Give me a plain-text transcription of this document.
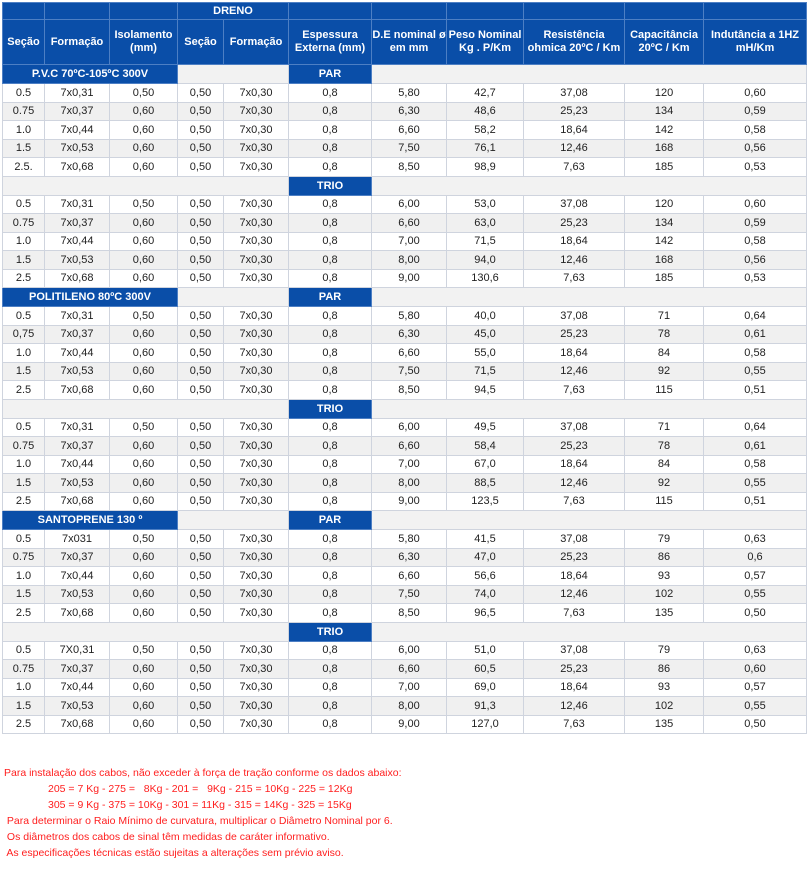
			DRENO							
Seção	Formação	Isolamento (mm)	Seção	Formação	Espessura Externa (mm)	D.E nominal ø em mm	Peso Nominal Kg . P/Km	Resistência ohmica 20ºC / Km	Capacitância 20ºC / Km	Indutância a 1HZ mH/Km
P.V.C 70ºC-105ºC 300V					PAR					
0.5	7x0,31	0,50	0,50	7x0,30	0,8	5,80	42,7	37,08	120	0,60
0.75	7x0,37	0,60	0,50	7x0,30	0,8	6,30	48,6	25,23	134	0,59
1.0	7x0,44	0,60	0,50	7x0,30	0,8	6,60	58,2	18,64	142	0,58
1.5	7x0,53	0,60	0,50	7x0,30	0,8	7,50	76,1	12,46	168	0,56
2.5.	7x0,68	0,60	0,50	7x0,30	0,8	8,50	98,9	7,63	185	0,53
					TRIO					
0.5	7x0,31	0,50	0,50	7x0,30	0,8	6,00	53,0	37,08	120	0,60
0.75	7x0,37	0,60	0,50	7x0,30	0,8	6,60	63,0	25,23	134	0,59
1.0	7x0,44	0,60	0,50	7x0,30	0,8	7,00	71,5	18,64	142	0,58
1.5	7x0,53	0,60	0,50	7x0,30	0,8	8,00	94,0	12,46	168	0,56
2.5	7x0,68	0,60	0,50	7x0,30	0,8	9,00	130,6	7,63	185	0,53
POLITILENO 80ºC 300V					PAR					
0.5	7x0,31	0,50	0,50	7x0,30	0,8	5,80	40,0	37,08	71	0,64
0,75	7x0,37	0,60	0,50	7x0,30	0,8	6,30	45,0	25,23	78	0,61
1.0	7x0,44	0,60	0,50	7x0,30	0,8	6,60	55,0	18,64	84	0,58
1.5	7x0,53	0,60	0,50	7x0,30	0,8	7,50	71,5	12,46	92	0,55
2.5	7x0,68	0,60	0,50	7x0,30	0,8	8,50	94,5	7,63	115	0,51
					TRIO					
0.5	7x0,31	0,50	0,50	7x0,30	0,8	6,00	49,5	37,08	71	0,64
0.75	7x0,37	0,60	0,50	7x0,30	0,8	6,60	58,4	25,23	78	0,61
1.0	7x0,44	0,60	0,50	7x0,30	0,8	7,00	67,0	18,64	84	0,58
1.5	7x0,53	0,60	0,50	7x0,30	0,8	8,00	88,5	12,46	92	0,55
2.5	7x0,68	0,60	0,50	7x0,30	0,8	9,00	123,5	7,63	115	0,51
SANTOPRENE 130 º					PAR					
0.5	7x031	0,50	0,50	7x0,30	0,8	5,80	41,5	37,08	79	0,63
0.75	7x0,37	0,60	0,50	7x0,30	0,8	6,30	47,0	25,23	86	0,6
1.0	7x0,44	0,60	0,50	7x0,30	0,8	6,60	56,6	18,64	93	0,57
1.5	7x0,53	0,60	0,50	7x0,30	0,8	7,50	74,0	12,46	102	0,55
2.5	7x0,68	0,60	0,50	7x0,30	0,8	8,50	96,5	7,63	135	0,50
					TRIO					
0.5	7X0,31	0,50	0,50	7x0,30	0,8	6,00	51,0	37,08	79	0,63
0.75	7x0,37	0,60	0,50	7x0,30	0,8	6,60	60,5	25,23	86	0,60
1.0	7x0,44	0,60	0,50	7x0,30	0,8	7,00	69,0	18,64	93	0,57
1.5	7x0,53	0,60	0,50	7x0,30	0,8	8,00	91,3	12,46	102	0,55
2.5	7x0,68	0,60	0,50	7x0,30	0,8	9,00	127,0	7,63	135	0,50
Para instalação dos cabos, não exceder à força de tração conforme os dados abaixo:
205 = 7 Kg - 275 =   8Kg - 201 =   9Kg - 215 = 10Kg - 225 = 12Kg
305 = 9 Kg - 375 = 10Kg - 301 = 11Kg - 315 = 14Kg - 325 = 15Kg
Para determinar o Raio Mínimo de curvatura, multiplicar o Diâmetro Nominal por 6.
Os diâmetros dos cabos de sinal têm medidas de caráter informativo.
As especificações técnicas estão sujeitas a alterações sem prévio aviso.
